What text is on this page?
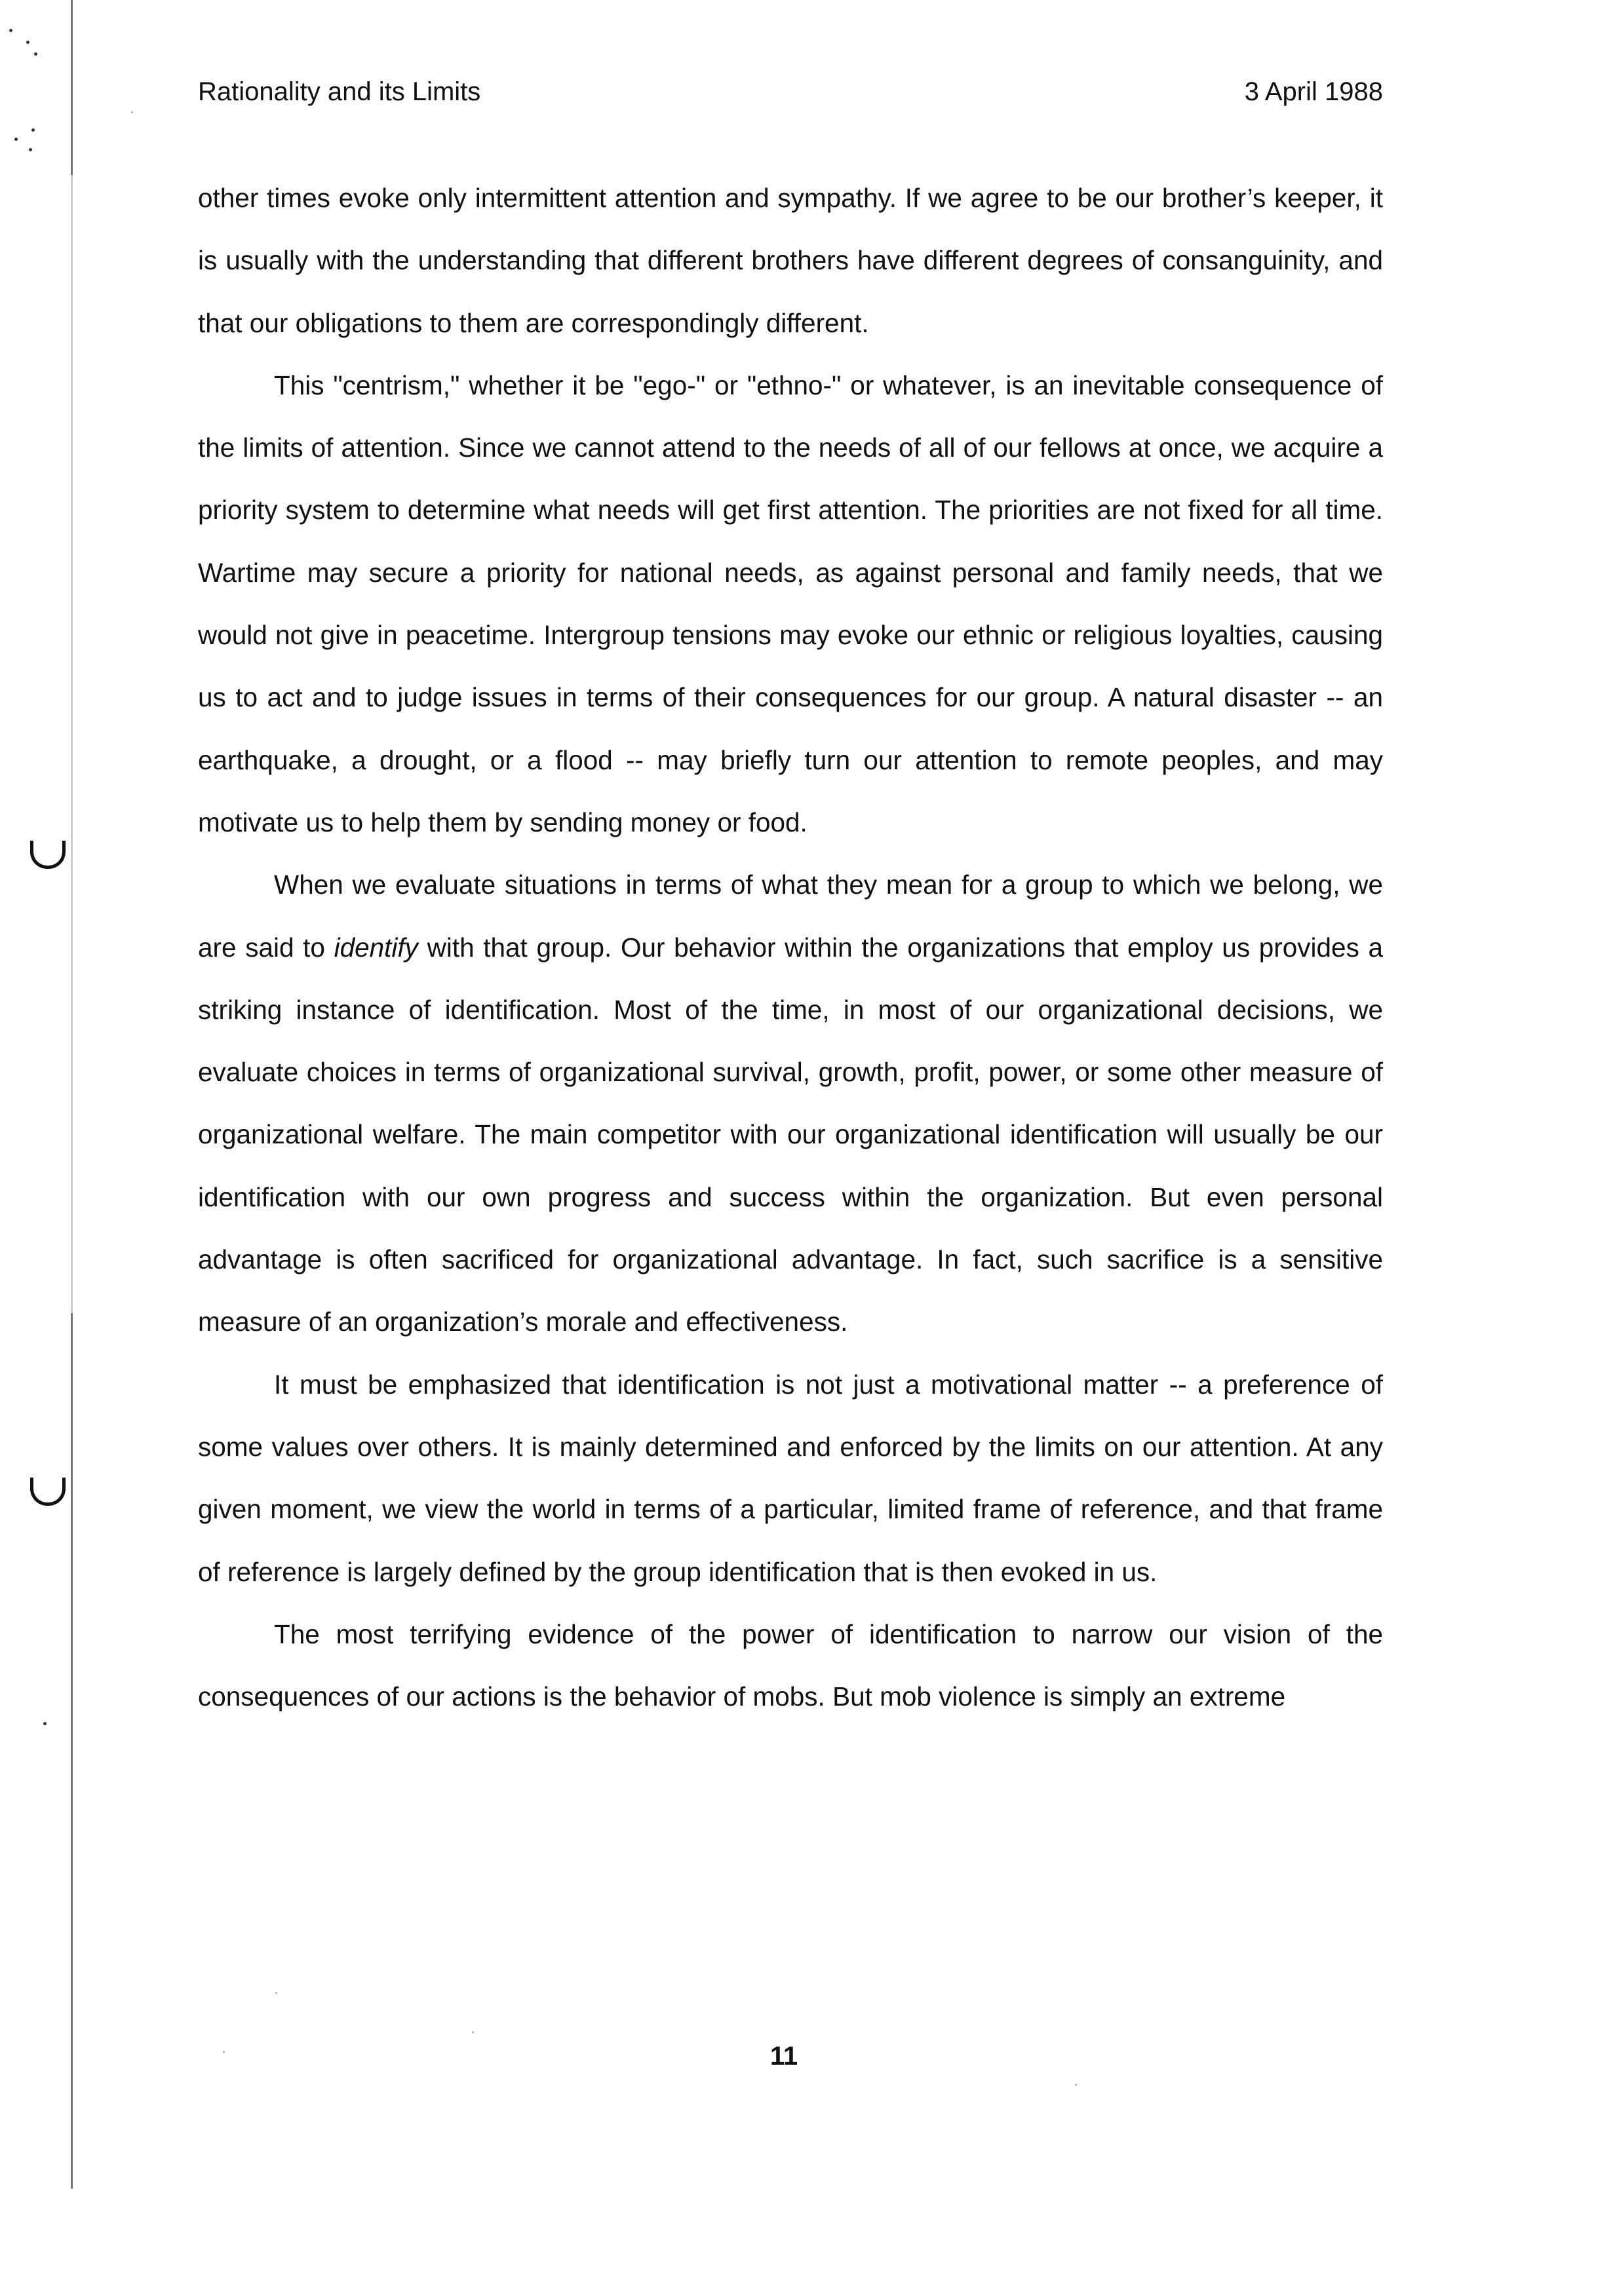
Rationality and its Limits	3 April 1988

other times evoke only intermittent attention and sympathy. If we agree to be our brother’s keeper, it is usually with the understanding that different brothers have different degrees of consanguinity, and that our obligations to them are correspondingly different.

This "centrism," whether it be "ego-" or "ethno-" or whatever, is an inevitable consequence of the limits of attention. Since we cannot attend to the needs of all of our fellows at once, we acquire a priority system to determine what needs will get first attention. The priorities are not fixed for all time. Wartime may secure a priority for national needs, as against personal and family needs, that we would not give in peacetime. Intergroup tensions may evoke our ethnic or religious loyalties, causing us to act and to judge issues in terms of their consequences for our group. A natural disaster -- an earthquake, a drought, or a flood -- may briefly turn our attention to remote peoples, and may motivate us to help them by sending money or food.

When we evaluate situations in terms of what they mean for a group to which we belong, we are said to identify with that group. Our behavior within the organizations that employ us provides a striking instance of identification. Most of the time, in most of our organizational decisions, we evaluate choices in terms of organizational survival, growth, profit, power, or some other measure of organizational welfare. The main competitor with our organizational identification will usually be our identification with our own progress and success within the organization. But even personal advantage is often sacrificed for organizational advantage. In fact, such sacrifice is a sensitive measure of an organization’s morale and effectiveness.

It must be emphasized that identification is not just a motivational matter -- a preference of some values over others. It is mainly determined and enforced by the limits on our attention. At any given moment, we view the world in terms of a particular, limited frame of reference, and that frame of reference is largely defined by the group identification that is then evoked in us.

The most terrifying evidence of the power of identification to narrow our vision of the consequences of our actions is the behavior of mobs. But mob violence is simply an extreme

11
